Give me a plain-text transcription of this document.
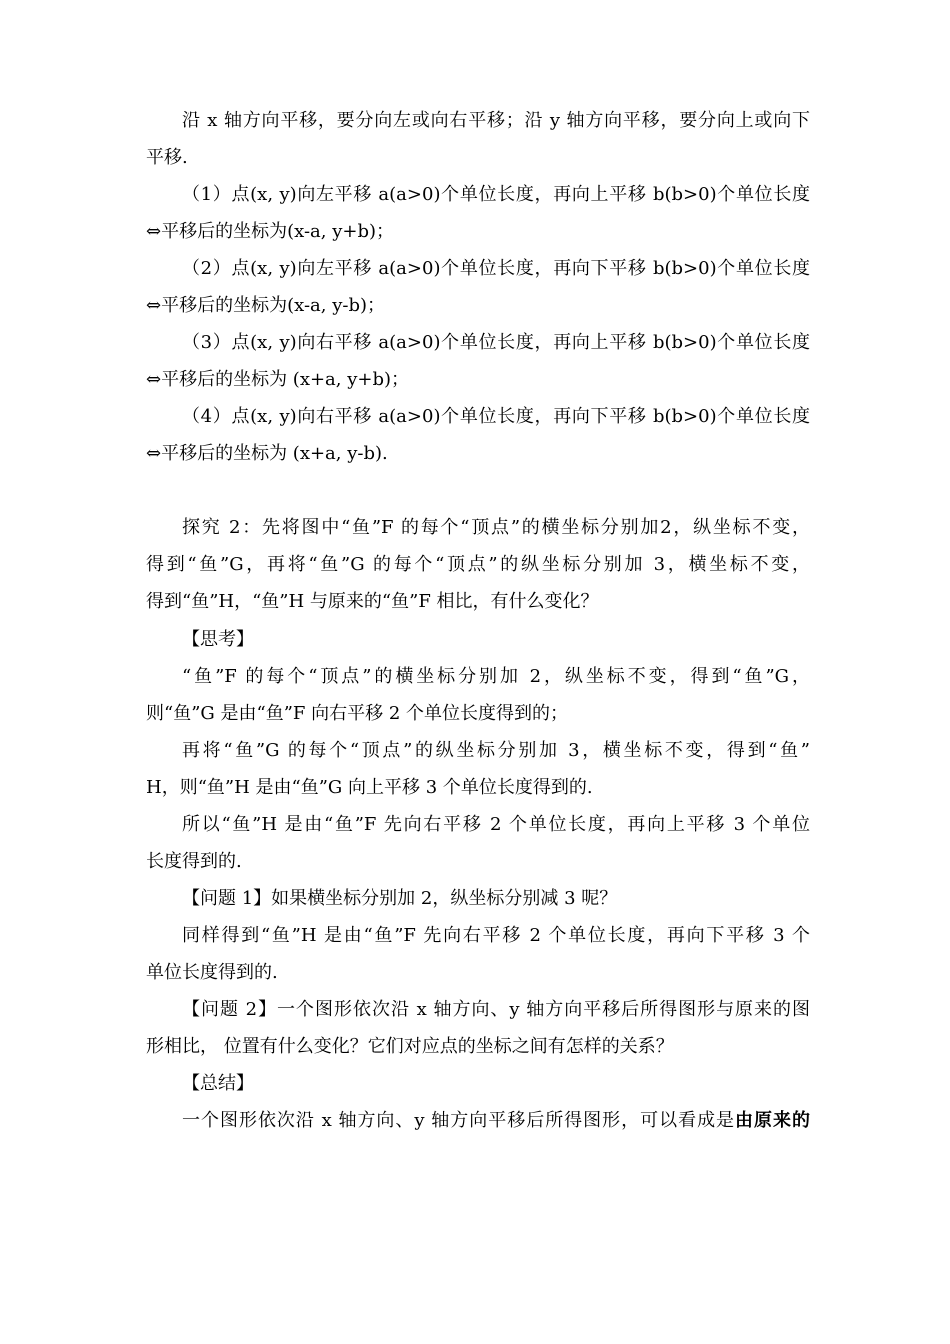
沿 x 轴方向平移，要分向左或向右平移；沿 y 轴方向平移，要分向上或向下
平移.
（1）点(x, y)向左平移 a(a>0)个单位长度，再向上平移 b(b>0)个单位长度
⇔平移后的坐标为(x-a, y+b)；
（2）点(x, y)向左平移 a(a>0)个单位长度，再向下平移 b(b>0)个单位长度
⇔平移后的坐标为(x-a, y-b)；
（3）点(x, y)向右平移 a(a>0)个单位长度，再向上平移 b(b>0)个单位长度
⇔平移后的坐标为 (x+a, y+b)；
（4）点(x, y)向右平移 a(a>0)个单位长度，再向下平移 b(b>0)个单位长度
⇔平移后的坐标为 (x+a, y-b).
探究 2：先将图中“鱼”F 的每个“顶点”的横坐标分别加2，纵坐标不变，
得到“鱼”G，再将“鱼”G 的每个“顶点”的纵坐标分别加 3，横坐标不变，
得到“鱼”H，“鱼”H 与原来的“鱼”F 相比，有什么变化？
【思考】
“鱼”F 的每个“顶点”的横坐标分别加 2，纵坐标不变，得到“鱼”G，
则“鱼”G 是由“鱼”F 向右平移 2 个单位长度得到的；
再将“鱼”G 的每个“顶点”的纵坐标分别加 3，横坐标不变，得到“鱼”
H，则“鱼”H 是由“鱼”G 向上平移 3 个单位长度得到的.
所以“鱼”H 是由“鱼”F 先向右平移 2 个单位长度，再向上平移 3 个单位
长度得到的.
【问题 1】如果横坐标分别加 2，纵坐标分别减 3 呢？
同样得到“鱼”H 是由“鱼”F 先向右平移 2 个单位长度，再向下平移 3 个
单位长度得到的.
【问题 2】一个图形依次沿 x 轴方向、y 轴方向平移后所得图形与原来的图
形相比， 位置有什么变化？它们对应点的坐标之间有怎样的关系？
【总结】
一个图形依次沿 x 轴方向、y 轴方向平移后所得图形，可以看成是由原来的
